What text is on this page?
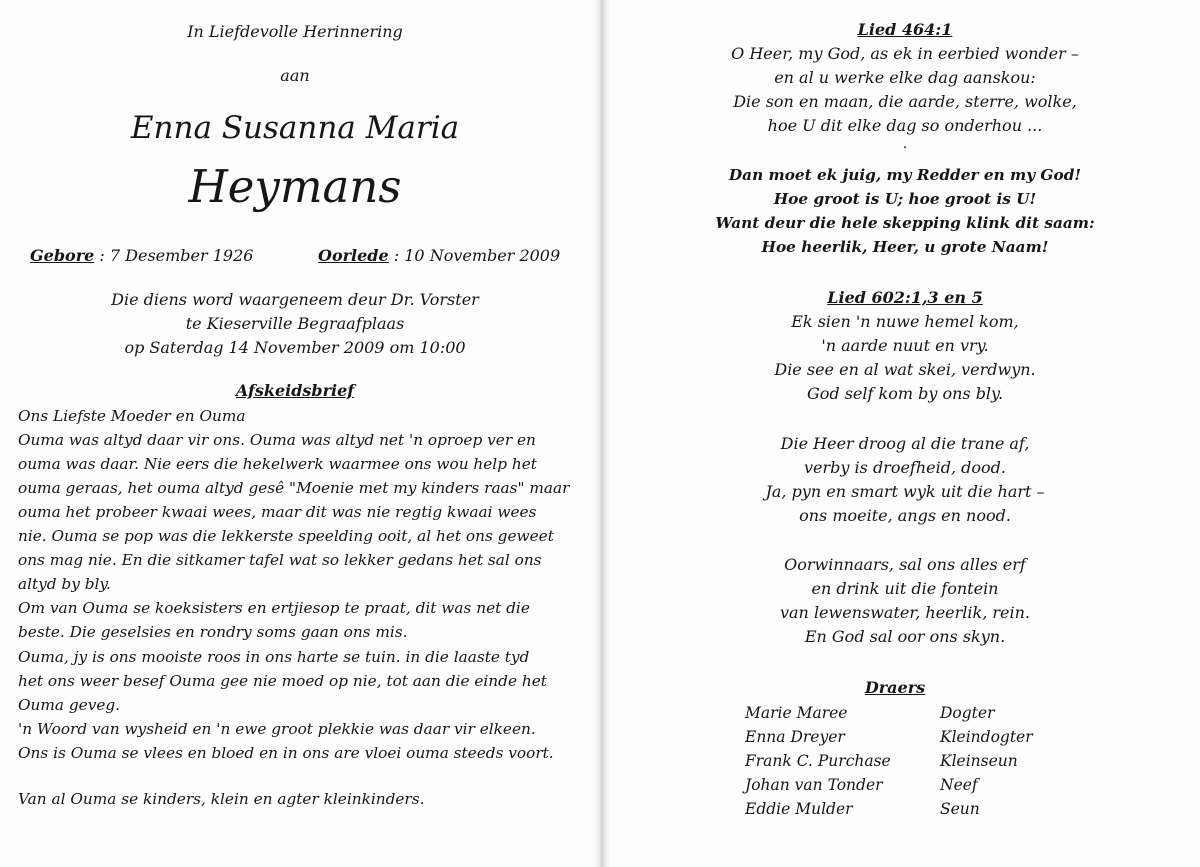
In Liefdevolle Herinnering
aan
Enna Susanna Maria
Heymans
Gebore : 7 Desember 1926	Oorlede : 10 November 2009
Die diens word waargeneem deur Dr. Vorster
te Kieserville Begraafplaas
op Saterdag 14 November 2009 om 10:00
Afskeidsbrief
Ons Liefste Moeder en Ouma
Ouma was altyd daar vir ons. Ouma was altyd net 'n oproep ver en
ouma was daar. Nie eers die hekelwerk waarmee ons wou help het
ouma geraas, het ouma altyd gesê "Moenie met my kinders raas" maar
ouma het probeer kwaai wees, maar dit was nie regtig kwaai wees
nie. Ouma se pop was die lekkerste speelding ooit, al het ons geweet
ons mag nie. En die sitkamer tafel wat so lekker gedans het sal ons
altyd by bly.
Om van Ouma se koeksisters en ertjiesop te praat, dit was net die
beste. Die geselsies en rondry soms gaan ons mis.
Ouma, jy is ons mooiste roos in ons harte se tuin. in die laaste tyd
het ons weer besef Ouma gee nie moed op nie, tot aan die einde het
Ouma geveg.
'n Woord van wysheid en 'n ewe groot plekkie was daar vir elkeen.
Ons is Ouma se vlees en bloed en in ons are vloei ouma steeds voort.
Van al Ouma se kinders, klein en agter kleinkinders.
Lied 464:1
O Heer, my God, as ek in eerbied wonder –
en al u werke elke dag aanskou:
Die son en maan, die aarde, sterre, wolke,
hoe U dit elke dag so onderhou ...
·
Dan moet ek juig, my Redder en my God!
Hoe groot is U; hoe groot is U!
Want deur die hele skepping klink dit saam:
Hoe heerlik, Heer, u grote Naam!
Lied 602:1,3 en 5
Ek sien 'n nuwe hemel kom,
'n aarde nuut en vry.
Die see en al wat skei, verdwyn.
God self kom by ons bly.
Die Heer droog al die trane af,
verby is droefheid, dood.
Ja, pyn en smart wyk uit die hart –
ons moeite, angs en nood.
Oorwinnaars, sal ons alles erf
en drink uit die fontein
van lewenswater, heerlik, rein.
En God sal oor ons skyn.
Draers
Marie Maree	Dogter
Enna Dreyer	Kleindogter
Frank C. Purchase	Kleinseun
Johan van Tonder	Neef
Eddie Mulder	Seun
